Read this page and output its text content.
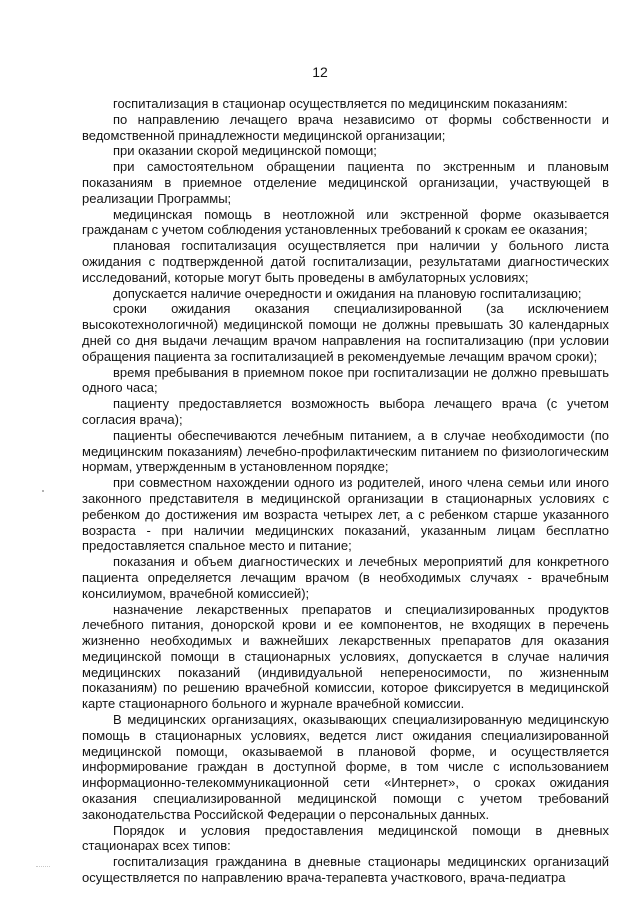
12

госпитализация в стационар осуществляется по медицинским показаниям:

по направлению лечащего врача независимо от формы собственности и ведомственной принадлежности медицинской организации;

при оказании скорой медицинской помощи;

при самостоятельном обращении пациента по экстренным и плановым показаниям в приемное отделение медицинской организации, участвующей в реализации Программы;

медицинская помощь в неотложной или экстренной форме оказывается гражданам с учетом соблюдения установленных требований к срокам ее оказания;

плановая госпитализация осуществляется при наличии у больного листа ожидания с подтвержденной датой госпитализации, результатами диагностических исследований, которые могут быть проведены в амбулаторных условиях;

допускается наличие очередности и ожидания на плановую госпитализацию;

сроки ожидания оказания специализированной (за исключением высокотехнологичной) медицинской помощи не должны превышать 30 календарных дней со дня выдачи лечащим врачом направления на госпитализацию (при условии обращения пациента за госпитализацией в рекомендуемые лечащим врачом сроки);

время пребывания в приемном покое при госпитализации не должно превышать одного часа;

пациенту предоставляется возможность выбора лечащего врача (с учетом согласия врача);

пациенты обеспечиваются лечебным питанием, а в случае необходимости (по медицинским показаниям) лечебно-профилактическим питанием по физиологическим нормам, утвержденным в установленном порядке;

при совместном нахождении одного из родителей, иного члена семьи или иного законного представителя в медицинской организации в стационарных условиях с ребенком до достижения им возраста четырех лет, а с ребенком старше указанного возраста - при наличии медицинских показаний, указанным лицам бесплатно предоставляется спальное место и питание;

показания и объем диагностических и лечебных мероприятий для конкретного пациента определяется лечащим врачом (в необходимых случаях - врачебным консилиумом, врачебной комиссией);

назначение лекарственных препаратов и специализированных продуктов лечебного питания, донорской крови и ее компонентов, не входящих в перечень жизненно необходимых и важнейших лекарственных препаратов для оказания медицинской помощи в стационарных условиях, допускается в случае наличия медицинских показаний (индивидуальной непереносимости, по жизненным показаниям) по решению врачебной комиссии, которое фиксируется в медицинской карте стационарного больного и журнале врачебной комиссии.

В медицинских организациях, оказывающих специализированную медицинскую помощь в стационарных условиях, ведется лист ожидания специализированной медицинской помощи, оказываемой в плановой форме, и осуществляется информирование граждан в доступной форме, в том числе с использованием информационно-телекоммуникационной сети «Интернет», о сроках ожидания оказания специализированной медицинской помощи с учетом требований законодательства Российской Федерации о персональных данных.

Порядок и условия предоставления медицинской помощи в дневных стационарах всех типов:

госпитализация гражданина в дневные стационары медицинских организаций осуществляется по направлению врача-терапевта участкового, врача-педиатра
